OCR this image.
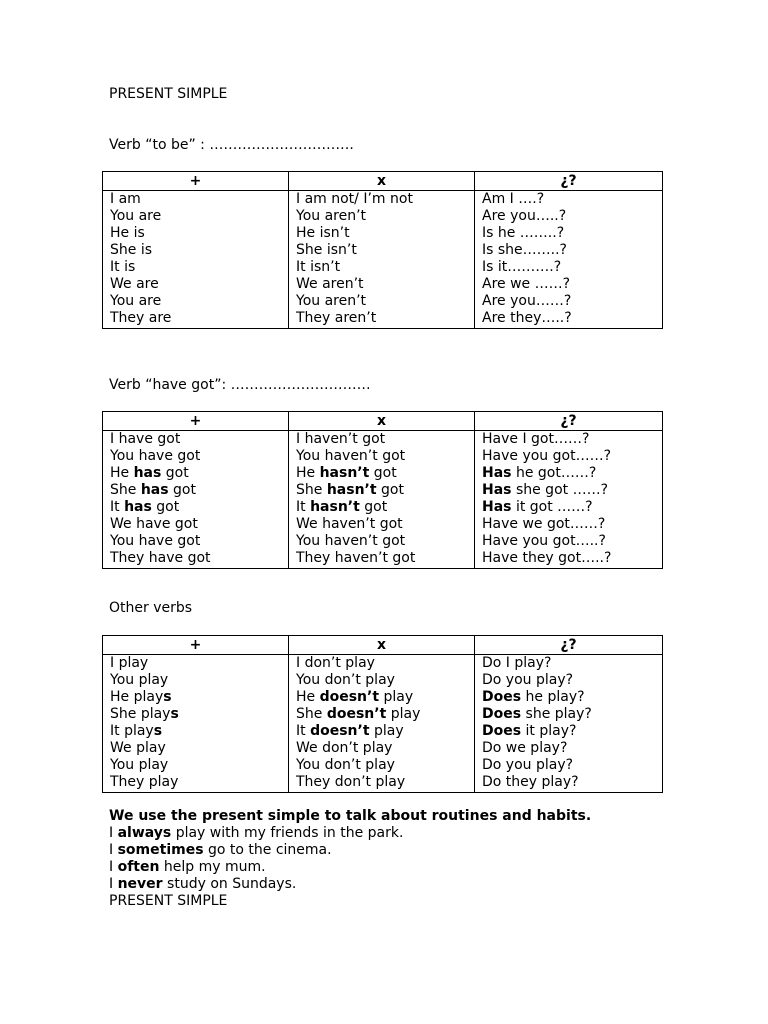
PRESENT SIMPLE
Verb “to be” : ………………………….
+	x	¿?
I am	I am not/ I’m not	Am I ….?
You are	You aren’t	Are you…..?
He is	He isn’t	Is he ……..?
She is	She isn’t	Is she……..?
It is	It isn’t	Is it……….?
We are	We aren’t	Are we ……?
You are	You aren’t	Are you……?
They are	They aren’t	Are they…..?
Verb “have got”: …………………………
+	x	¿?
I have got	I haven’t got	Have I got……?
You have got	You haven’t got	Have you got……?
He has got	He hasn’t got	Has he got……?
She has got	She hasn’t got	Has she got ……?
It has got	It hasn’t got	Has it got ……?
We have got	We haven’t got	Have we got……?
You have got	You haven’t got	Have you got…..?
They have got	They haven’t got	Have they got…..?
Other verbs
+	x	¿?
I play	I don’t play	Do I play?
You play	You don’t play	Do you play?
He plays	He doesn’t play	Does he play?
She plays	She doesn’t play	Does she play?
It plays	It doesn’t play	Does it play?
We play	We don’t play	Do we play?
You play	You don’t play	Do you play?
They play	They don’t play	Do they play?
We use the present simple to talk about routines and habits.
I always play with my friends in the park.
I sometimes go to the cinema.
I often help my mum.
I never study on Sundays.
PRESENT SIMPLE
